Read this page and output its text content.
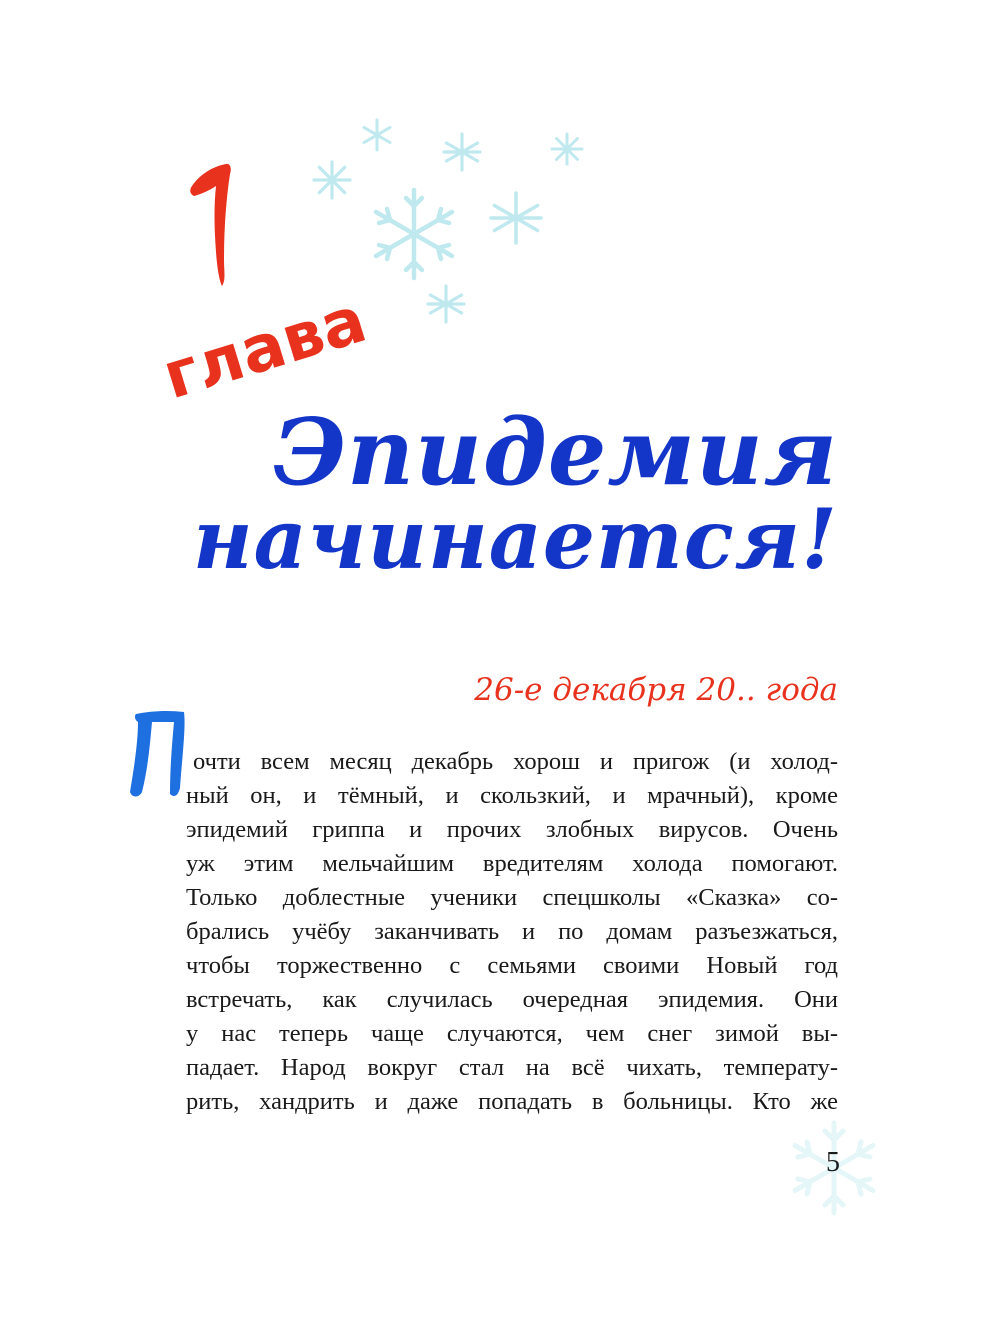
глава
Эпидемия
начинается!
26-е декабря 20.. года
очти всем месяц декабрь хорош и пригож (и холод-
ный он, и тёмный, и скользкий, и мрачный), кроме
эпидемий гриппа и прочих злобных вирусов. Очень
уж этим мельчайшим вредителям холода помогают.
Только доблестные ученики спецшколы «Сказка» со-
брались учёбу заканчивать и по домам разъезжаться,
чтобы торжественно с семьями своими Новый год
встречать, как случилась очередная эпидемия. Они
у нас теперь чаще случаются, чем снег зимой вы-
падает. Народ вокруг стал на всё чихать, температу-
рить, хандрить и даже попадать в больницы. Кто же
5
